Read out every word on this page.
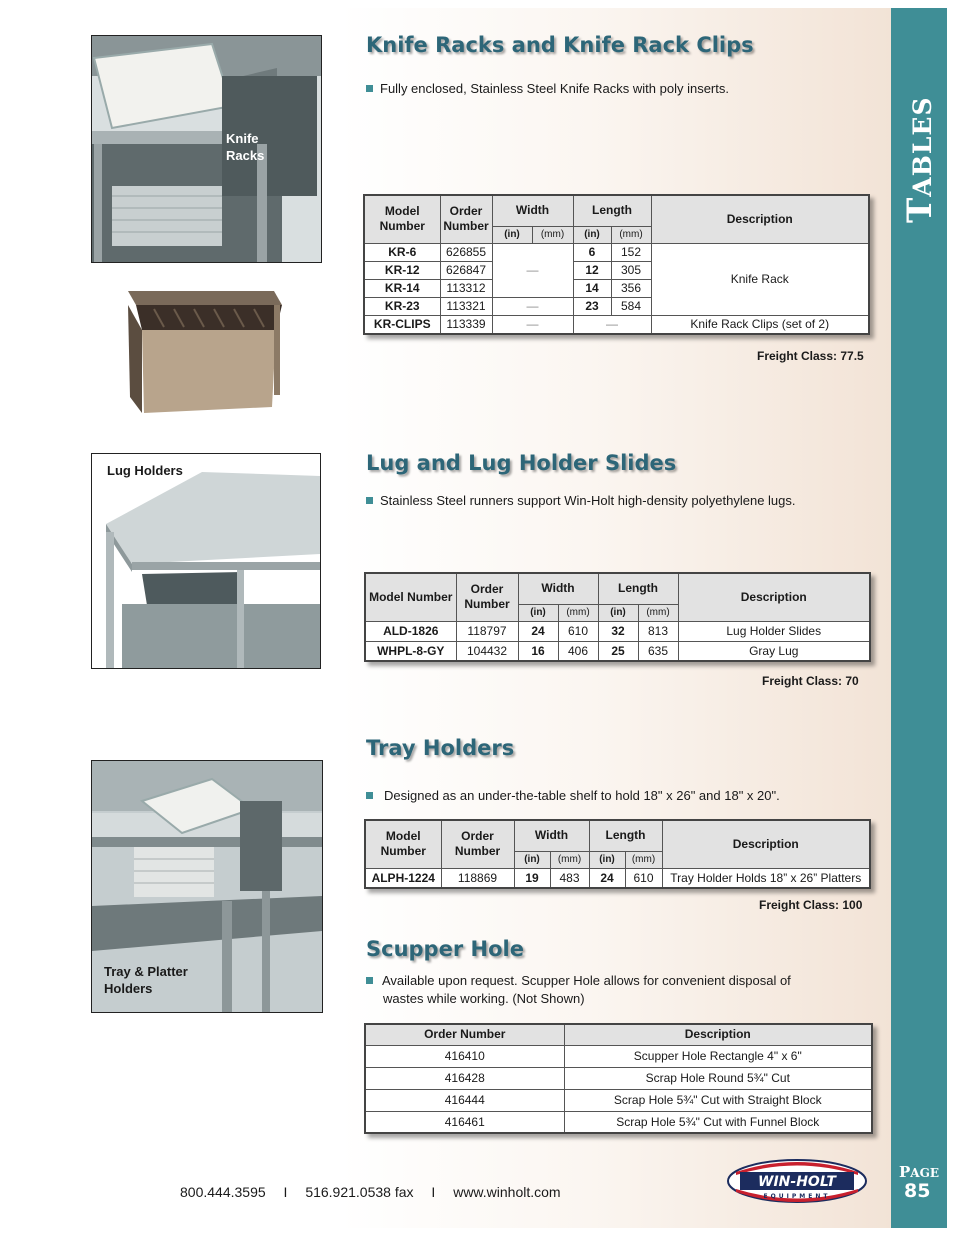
TABLES
PAGE
85
Knife
Racks
Lug Holders
Tray & Platter
Holders
Knife Racks and Knife Rack Clips
Fully enclosed, Stainless Steel Knife Racks with poly inserts.
Model Number	Order Number	Width		Length		Description
		(in)	(mm)	(in)	(mm)	
KR-6	626855	—		6	152	Knife Rack
KR-12	626847			12	305	
KR-14	113312			14	356	
KR-23	113321	—		23	584	
KR-CLIPS	113339	—		—		Knife Rack Clips (set of 2)
Freight Class: 77.5
Lug and Lug Holder Slides
Stainless Steel runners support Win-Holt high-density polyethylene lugs.
Model Number	Order Number	Width		Length		Description
		(in)	(mm)	(in)	(mm)	
ALD-1826	118797	24	610	32	813	Lug Holder Slides
WHPL-8-GY	104432	16	406	25	635	Gray Lug
Freight Class: 70
Tray Holders
Designed as an under-the-table shelf to hold 18" x 26" and 18" x 20".
Model Number	Order Number	Width		Length		Description
		(in)	(mm)	(in)	(mm)	
ALPH-1224	118869	19	483	24	610	Tray Holder Holds 18” x 26” Platters
Freight Class: 100
Scupper Hole
Available upon request. Scupper Hole allows for convenient disposal of
wastes while working. (Not Shown)
Order Number	Description
416410	Scupper Hole Rectangle 4" x 6"
416428	Scrap Hole Round 5¾" Cut
416444	Scrap Hole 5¾" Cut with Straight Block
416461	Scrap Hole 5¾" Cut with Funnel Block
800.444.3595 I 516.921.0538 fax I www.winholt.com
WIN-HOLT
EQUIPMENT
